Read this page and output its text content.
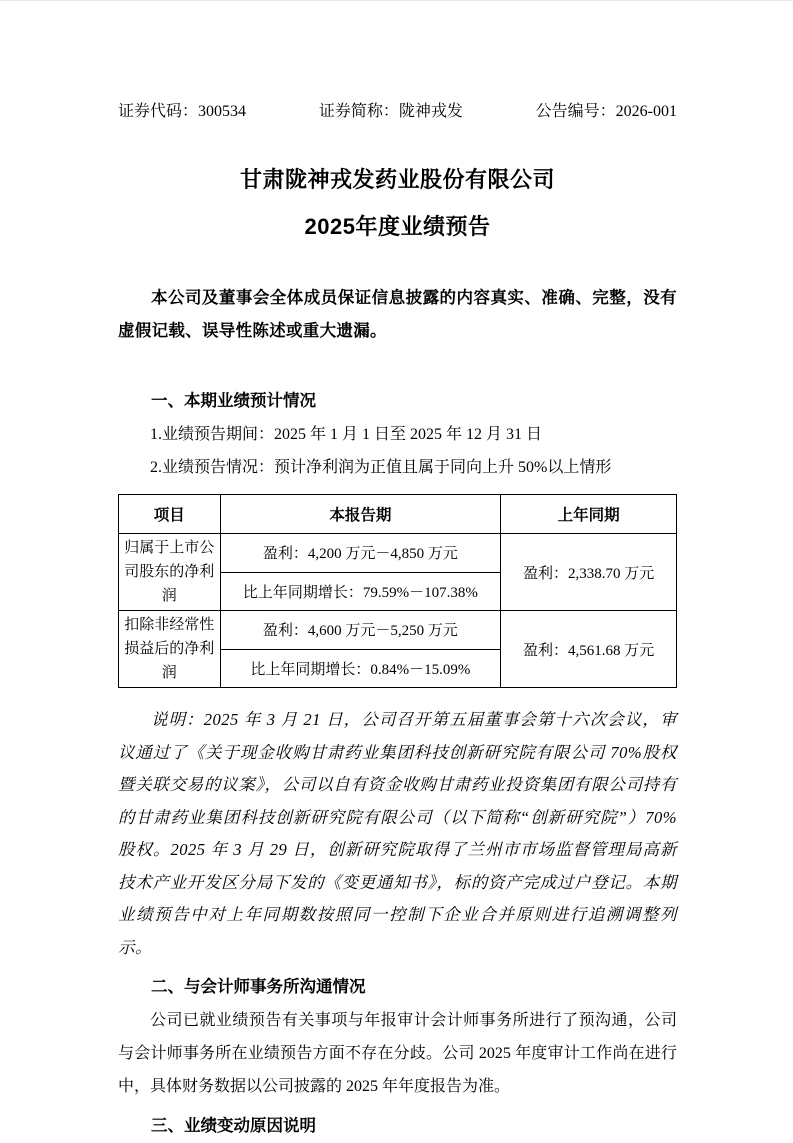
证券代码：300534	证券简称：陇神戎发	公告编号：2026-001
甘肃陇神戎发药业股份有限公司
2025年度业绩预告

本公司及董事会全体成员保证信息披露的内容真实、准确、完整，没有虚假记载、误导性陈述或重大遗漏。

一、本期业绩预计情况

1.业绩预告期间：2025 年 1 月 1 日至 2025 年 12 月 31 日

2.业绩预告情况：预计净利润为正值且属于同向上升 50%以上情形

项目	本报告期	上年同期
归属于上市公司股东的净利润	盈利：4,200 万元－4,850 万元	盈利：2,338.70 万元
	比上年同期增长：79.59%－107.38%	
扣除非经常性损益后的净利润	盈利：4,600 万元－5,250 万元	盈利：4,561.68 万元
	比上年同期增长：0.84%－15.09%	

说明：2025 年 3 月 21 日，公司召开第五届董事会第十六次会议，审议通过了《关于现金收购甘肃药业集团科技创新研究院有限公司 70%股权暨关联交易的议案》，公司以自有资金收购甘肃药业投资集团有限公司持有的甘肃药业集团科技创新研究院有限公司（以下简称“创新研究院”）70%股权。2025 年 3 月 29 日，创新研究院取得了兰州市市场监督管理局高新技术产业开发区分局下发的《变更通知书》，标的资产完成过户登记。本期业绩预告中对上年同期数按照同一控制下企业合并原则进行追溯调整列示。

二、与会计师事务所沟通情况

公司已就业绩预告有关事项与年报审计会计师事务所进行了预沟通，公司与会计师事务所在业绩预告方面不存在分歧。公司 2025 年度审计工作尚在进行中，具体财务数据以公司披露的 2025 年年度报告为准。

三、业绩变动原因说明
